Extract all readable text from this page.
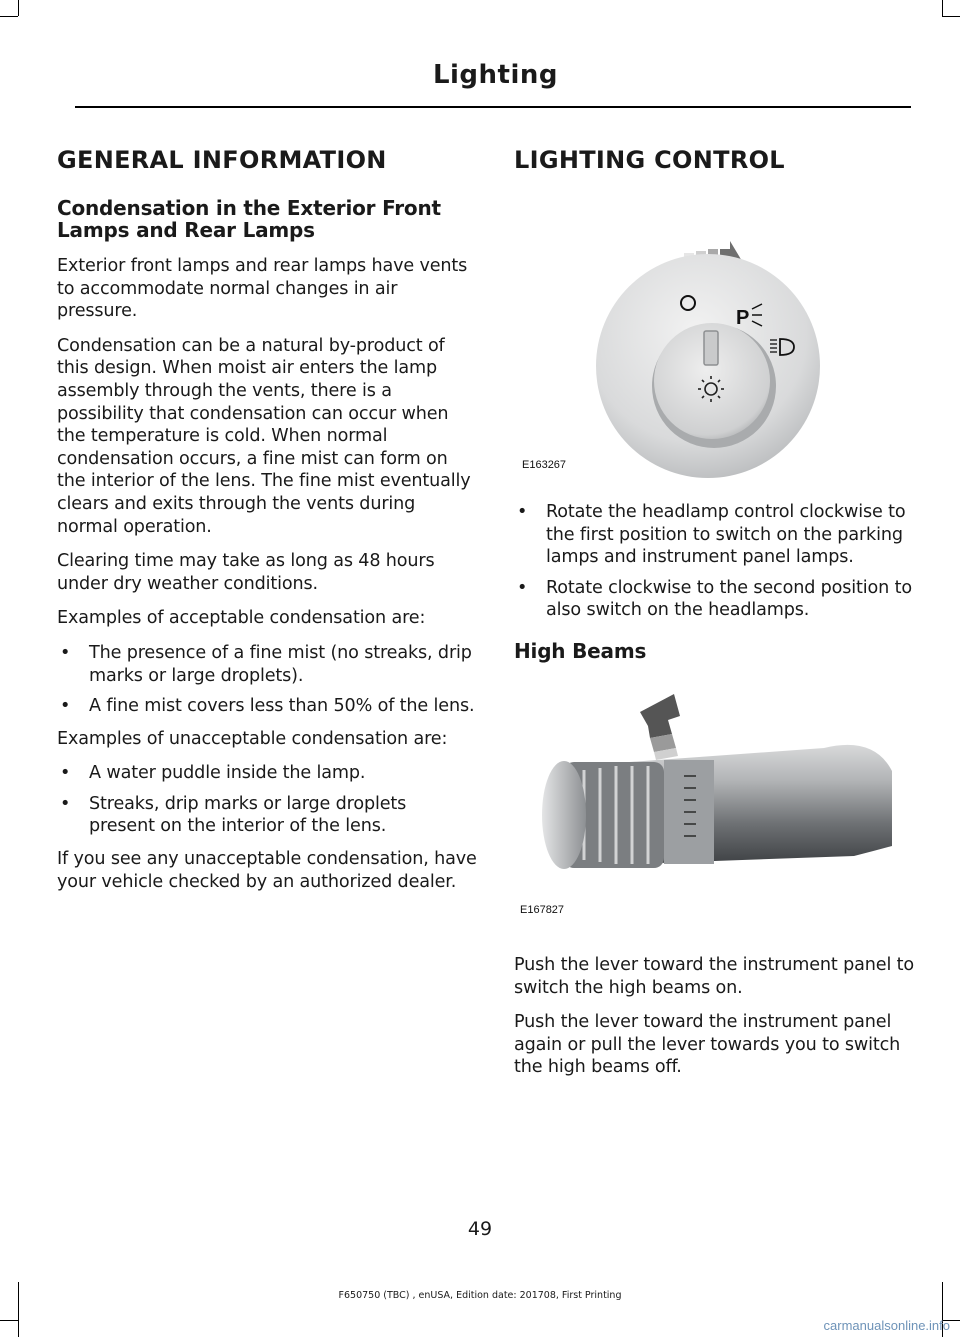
Lighting
GENERAL INFORMATION
Condensation in the Exterior Front Lamps and Rear Lamps

Exterior front lamps and rear lamps have vents to accommodate normal changes in air pressure.

Condensation can be a natural by-product of this design. When moist air enters the lamp assembly through the vents, there is a possibility that condensation can occur when the temperature is cold. When normal condensation occurs, a fine mist can form on the interior of the lens. The fine mist eventually clears and exits through the vents during normal operation.

Clearing time may take as long as 48 hours under dry weather conditions.

Examples of acceptable condensation are:

• The presence of a fine mist (no streaks, drip marks or large droplets).
• A fine mist covers less than 50% of the lens.

Examples of unacceptable condensation are:

• A water puddle inside the lamp.
• Streaks, drip marks or large droplets present on the interior of the lens.

If you see any unacceptable condensation, have your vehicle checked by an authorized dealer.

LIGHTING CONTROL
P
E163267
• Rotate the headlamp control clockwise to the first position to switch on the parking lamps and instrument panel lamps.
• Rotate clockwise to the second position to also switch on the headlamps.
High Beams
E167827

Push the lever toward the instrument panel to switch the high beams on.

Push the lever toward the instrument panel again or pull the lever towards you to switch the high beams off.

49
F650750 (TBC) , enUSA, Edition date: 201708, First Printing
carmanualsonline.info
